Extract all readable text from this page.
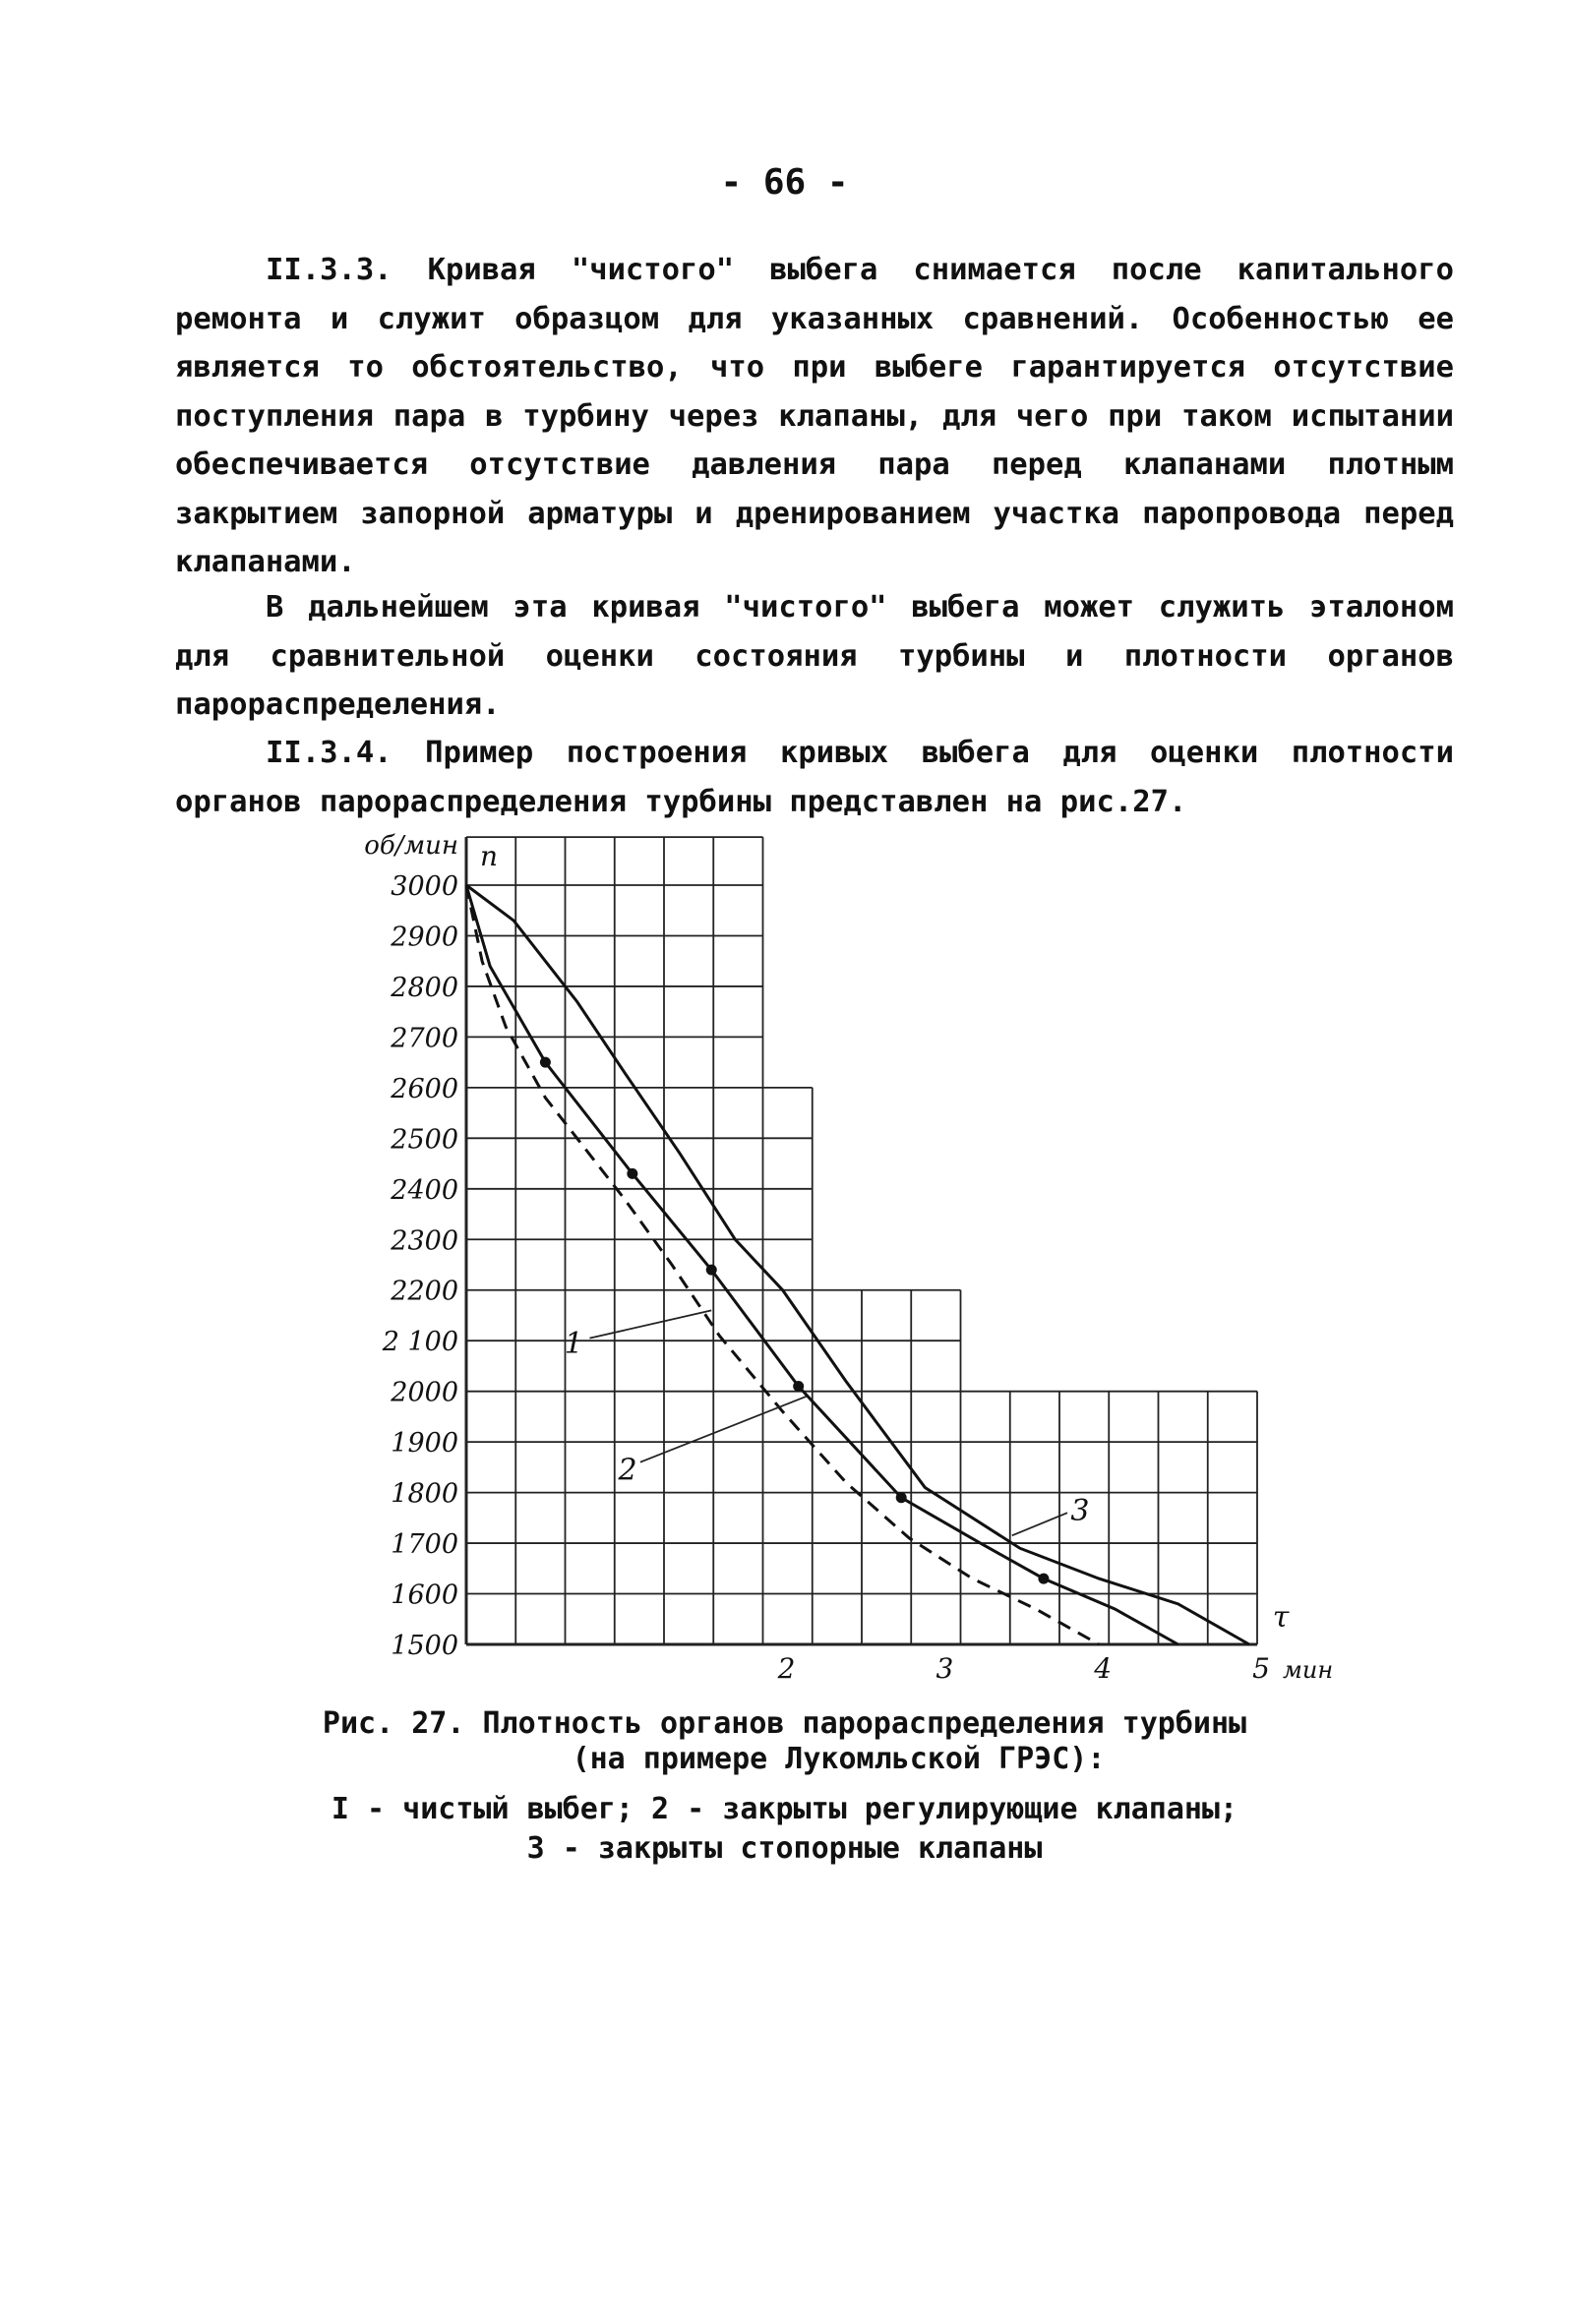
- 66 -

II.3.3. Кривая "чистого" выбега снимается после капитального ремонта и служит образцом для указанных сравнений. Особенностью ее является то обстоятельство, что при выбеге гарантируется отсутствие поступления пара в турбину через клапаны, для чего при таком испытании обеспечивается отсутствие давления пара перед клапанами плотным закрытием запорной арматуры и дренированием участка паропровода перед клапанами.

В дальнейшем эта кривая "чистого" выбега может служить эталоном для сравнительной оценки состояния турбины и плотности органов парораспределения.

II.3.4. Пример построения кривых выбега для оценки плотности органов парораспределения турбины представлен на рис.27.

об/мин n
3000
2900
2800
2700
2600
2500
2400
2300
2200
2 100
2000
1900
1800
1700
1600
1500
2	3	4	5 мин
τ
1
2
3
Рис. 27. Плотность органов парораспределения турбины
(на примере Лукомльской ГРЭС):
I - чистый выбег; 2 - закрыты регулирующие клапаны;
3 - закрыты стопорные клапаны
